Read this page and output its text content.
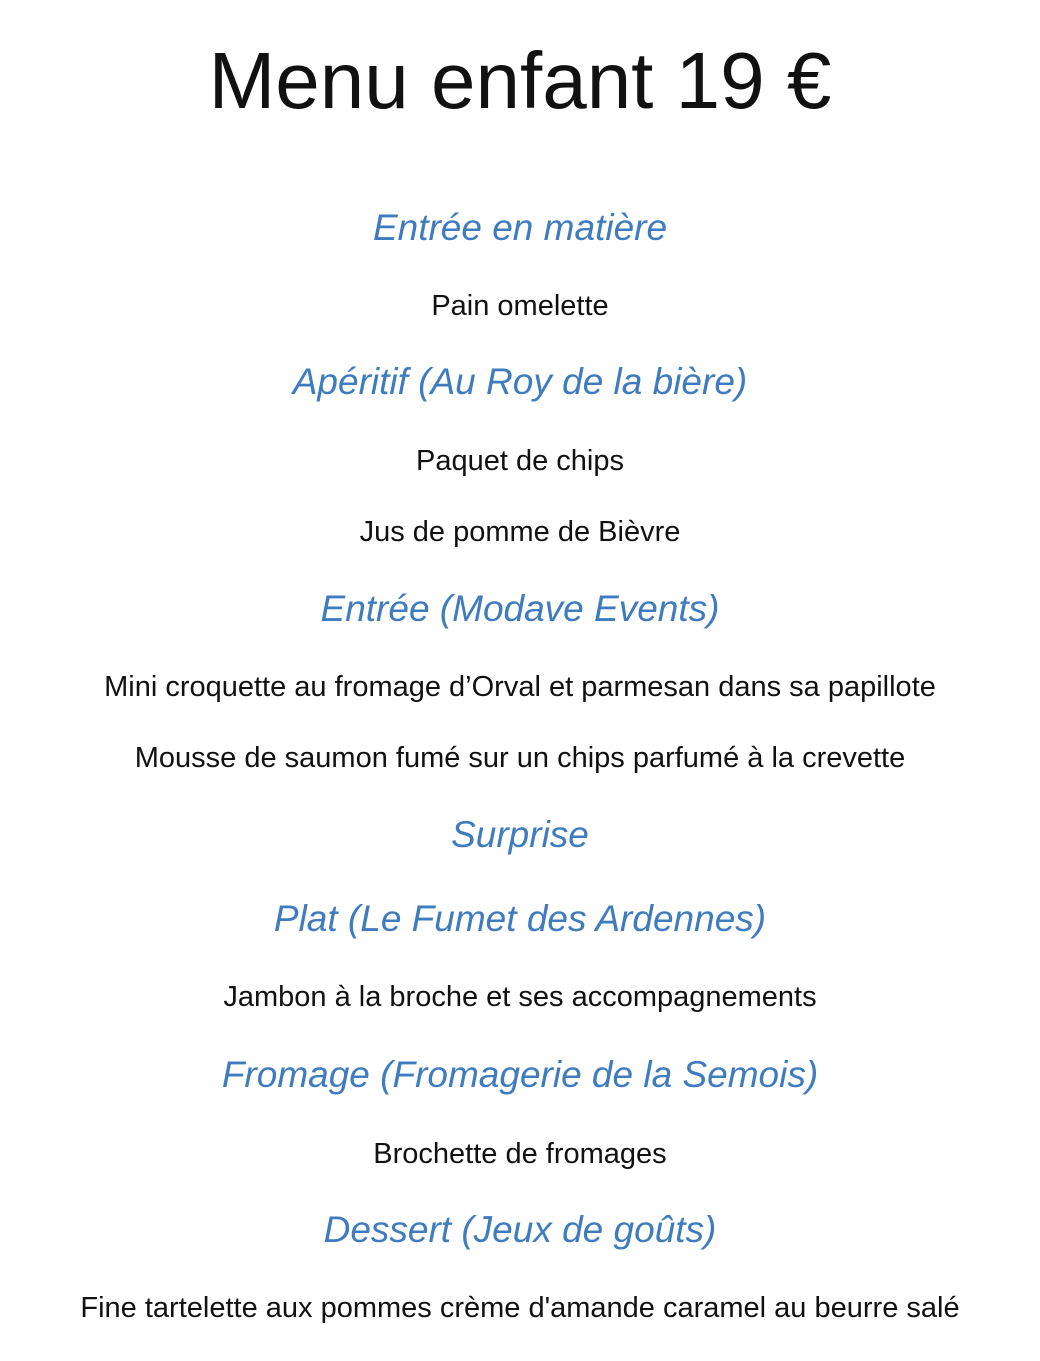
Menu enfant 19 €
Entrée en matière

Pain omelette

Apéritif (Au Roy de la bière)

Paquet de chips

Jus de pomme de Bièvre

Entrée (Modave Events)

Mini croquette au fromage d’Orval et parmesan dans sa papillote

Mousse de saumon fumé sur un chips parfumé à la crevette

Surprise
Plat (Le Fumet des Ardennes)

Jambon à la broche et ses accompagnements

Fromage (Fromagerie de la Semois)

Brochette de fromages

Dessert (Jeux de goûts)

Fine tartelette aux pommes crème d'amande caramel au beurre salé
